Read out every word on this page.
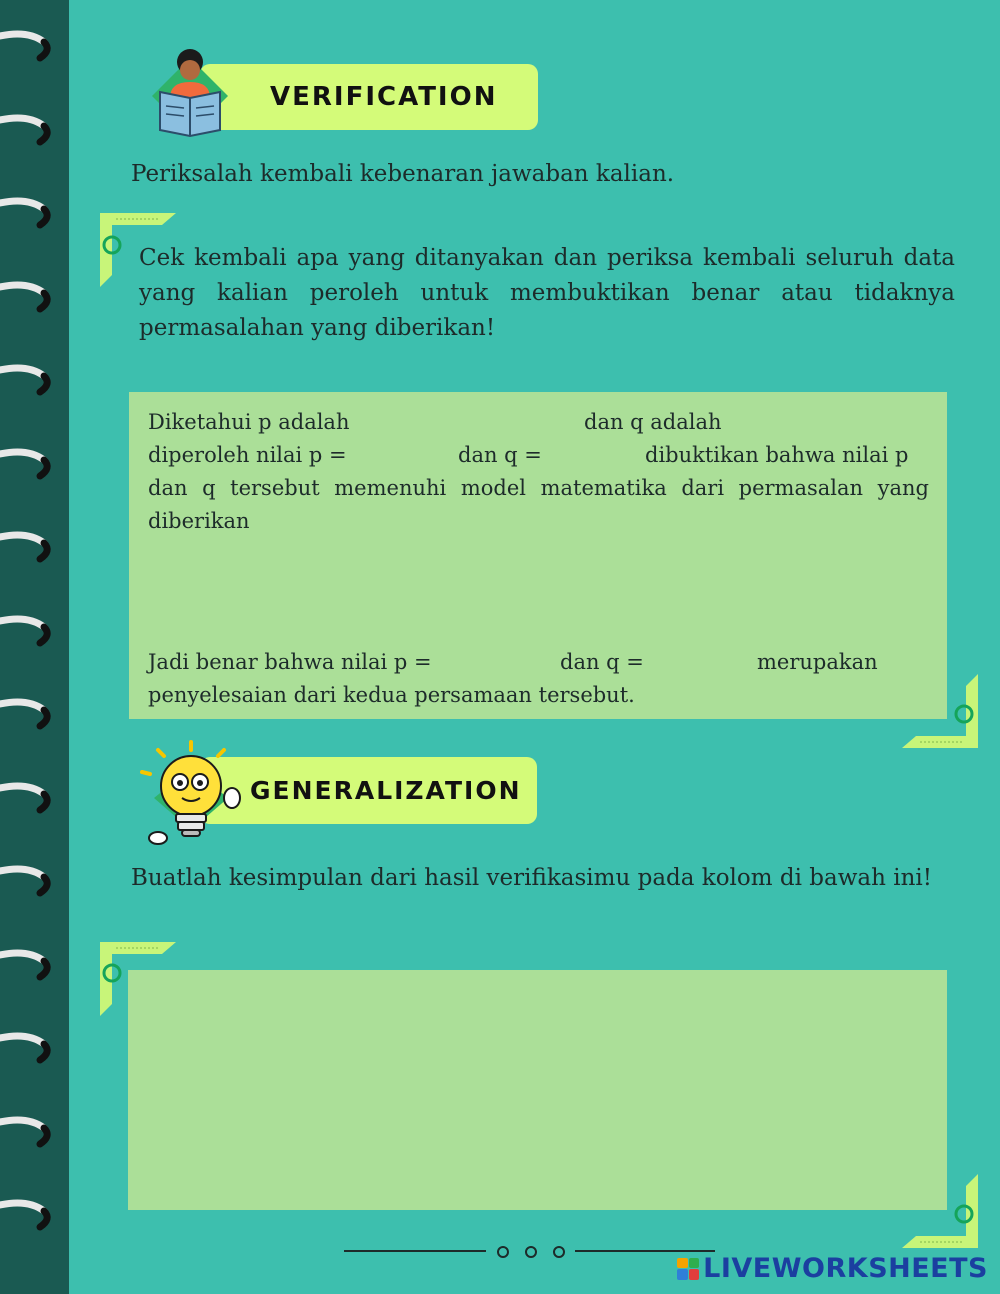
VERIFICATION
Periksalah kembali kebenaran jawaban kalian.
Cek kembali apa yang ditanyakan dan periksa kembali seluruh data yang kalian peroleh untuk membuktikan benar atau tidaknya permasalahan yang diberikan!
Diketahui p adalah	dan q adalah
diperoleh nilai p =	dan q =	dibuktikan bahwa nilai p
dan q tersebut memenuhi model matematika dari permasalan yang diberikan
Jadi benar bahwa nilai p =	dan q =	merupakan
penyelesaian dari kedua persamaan tersebut.
GENERALIZATION
Buatlah kesimpulan dari hasil verifikasimu pada kolom di bawah ini!
LIVEWORKSHEETS
